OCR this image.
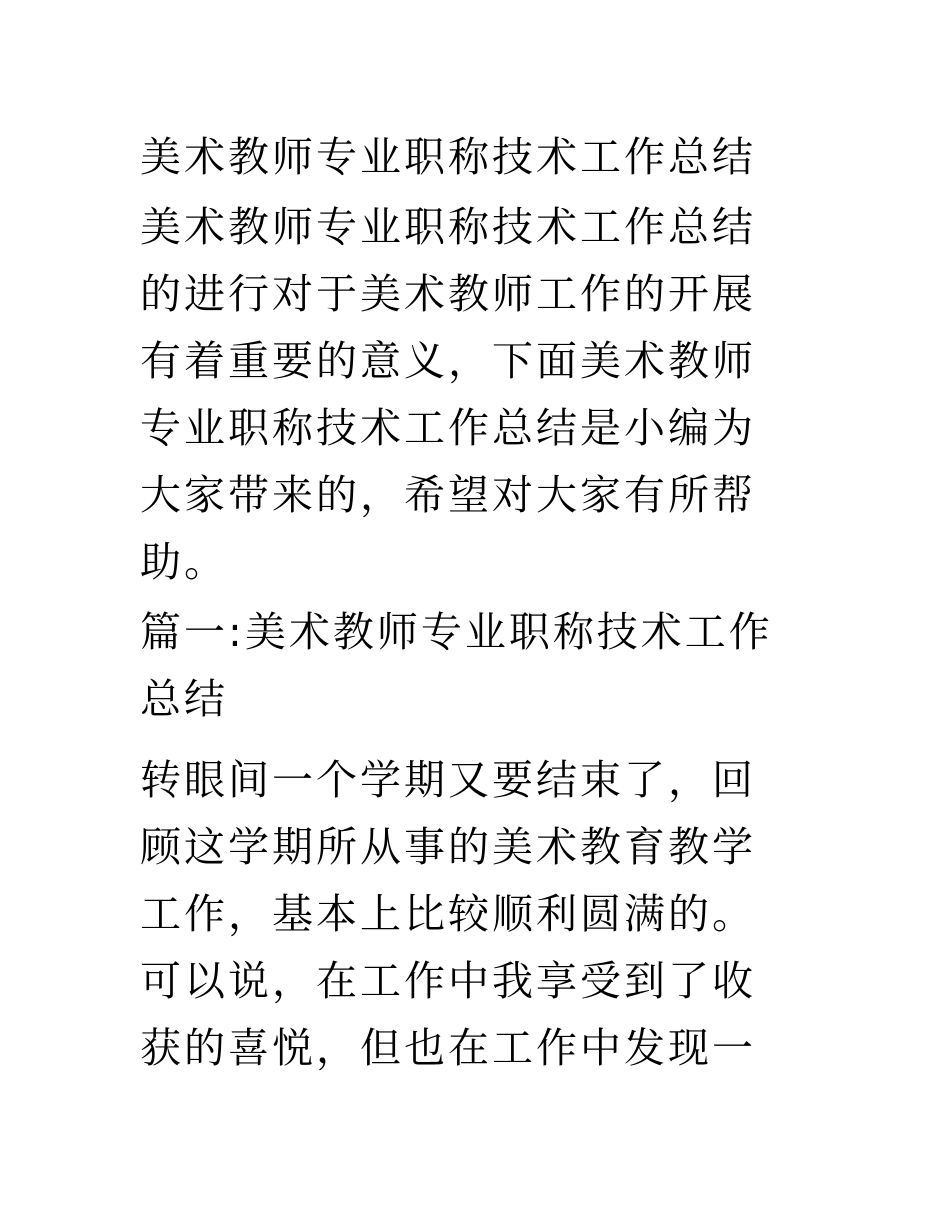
美术教师专业职称技术工作总结
美术教师专业职称技术工作总结
的进行对于美术教师工作的开展
有着重要的意义，下面美术教师
专业职称技术工作总结是小编为
大家带来的，希望对大家有所帮
助。
篇一:美术教师专业职称技术工作
总结
转眼间一个学期又要结束了，回
顾这学期所从事的美术教育教学
工作，基本上比较顺利圆满的。
可以说，在工作中我享受到了收
获的喜悦，但也在工作中发现一
